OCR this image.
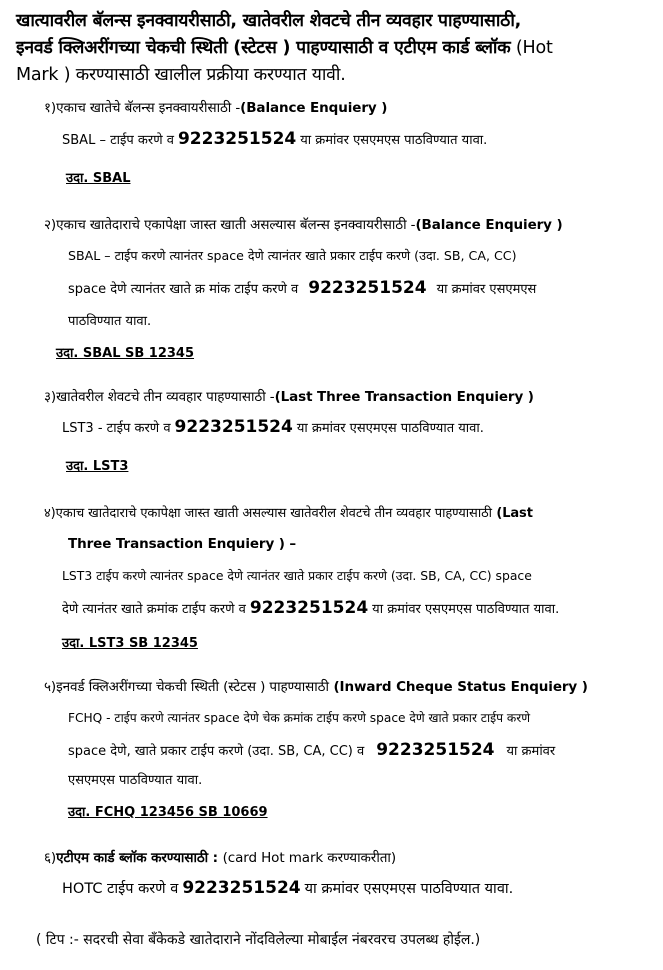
खात्यावरील बॅलन्स इनक्वायरीसाठी, खातेवरील शेवटचे तीन व्यवहार पाहण्यासाठी,
इनवर्ड क्लिअरींगच्या चेकची स्थिती (स्टेटस ) पाहण्यासाठी व एटीएम कार्ड ब्लॉक (Hot
Mark ) करण्यासाठी खालील प्रक्रीया करण्यात यावी.
१)एकाच खातेचे बॅलन्स इनक्वायरीसाठी -(Balance Enquiery )
SBAL – टाईप करणे व 9223251524 या क्रमांवर एसएमएस पाठविण्यात यावा.
उदा. SBAL
२)एकाच खातेदाराचे एकापेक्षा जास्त खाती असल्यास बॅलन्स इनक्वायरीसाठी -(Balance Enquiery )
SBAL – टाईप करणे त्यानंतर space देणे त्यानंतर खाते प्रकार टाईप करणे (उदा. SB, CA, CC)
space देणे त्यानंतर खाते क्र मांक टाईप करणे व 9223251524 या क्रमांवर एसएमएस
पाठविण्यात यावा.
उदा. SBAL SB 12345
३)खातेवरील शेवटचे तीन व्यवहार पाहण्यासाठी -(Last Three Transaction Enquiery )
LST3 - टाईप करणे व 9223251524 या क्रमांवर एसएमएस पाठविण्यात यावा.
उदा. LST3
४)एकाच खातेदाराचे एकापेक्षा जास्त खाती असल्यास खातेवरील शेवटचे तीन व्यवहार पाहण्यासाठी (Last
Three Transaction Enquiery ) –
LST3 टाईप करणे त्यानंतर space देणे त्यानंतर खाते प्रकार टाईप करणे (उदा. SB, CA, CC) space
देणे त्यानंतर खाते क्रमांक टाईप करणे व 9223251524 या क्रमांवर एसएमएस पाठविण्यात यावा.
उदा. LST3 SB 12345
५)इनवर्ड क्लिअरींगच्या चेकची स्थिती (स्टेटस ) पाहण्यासाठी (Inward Cheque Status Enquiery )
FCHQ - टाईप करणे त्यानंतर space देणे चेक क्रमांक टाईप करणे space देणे खाते प्रकार टाईप करणे
space देणे, खाते प्रकार टाईप करणे (उदा. SB, CA, CC) व 9223251524 या क्रमांवर
एसएमएस पाठविण्यात यावा.
उदा. FCHQ 123456 SB 10669
६)एटीएम कार्ड ब्लॉक करण्यासाठी : (card Hot mark करण्याकरीता)
HOTC टाईप करणे व 9223251524 या क्रमांवर एसएमएस पाठविण्यात यावा.
( टिप :- सदरची सेवा बॅंकेकडे खातेदाराने नोंदविलेल्या मोबाईल नंबरवरच उपलब्ध होईल.)
